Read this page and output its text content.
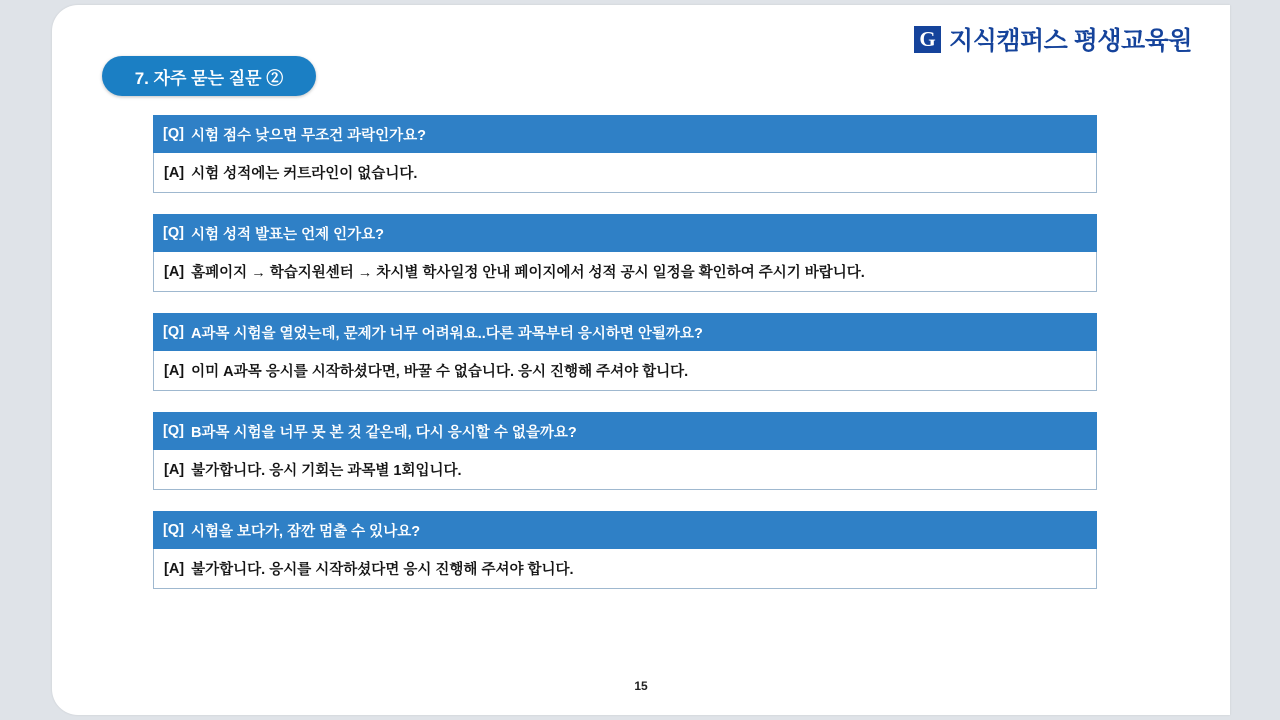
G 지식캠퍼스 평생교육원
7. 자주 묻는 질문 ②
[Q] 시험 점수 낮으면 무조건 과락인가요?
[A] 시험 성적에는 커트라인이 없습니다.
[Q] 시험 성적 발표는 언제 인가요?
[A] 홈페이지 → 학습지원센터 → 차시별 학사일정 안내 페이지에서 성적 공시 일정을 확인하여 주시기 바랍니다.
[Q] A과목 시험을 열었는데, 문제가 너무 어려워요..다른 과목부터 응시하면 안될까요?
[A] 이미 A과목 응시를 시작하셨다면, 바꿀 수 없습니다. 응시 진행해 주셔야 합니다.
[Q] B과목 시험을 너무 못 본 것 같은데, 다시 응시할 수 없을까요?
[A] 불가합니다. 응시 기회는 과목별 1회입니다.
[Q] 시험을 보다가, 잠깐 멈출 수 있나요?
[A] 불가합니다. 응시를 시작하셨다면 응시 진행해 주셔야 합니다.
15
